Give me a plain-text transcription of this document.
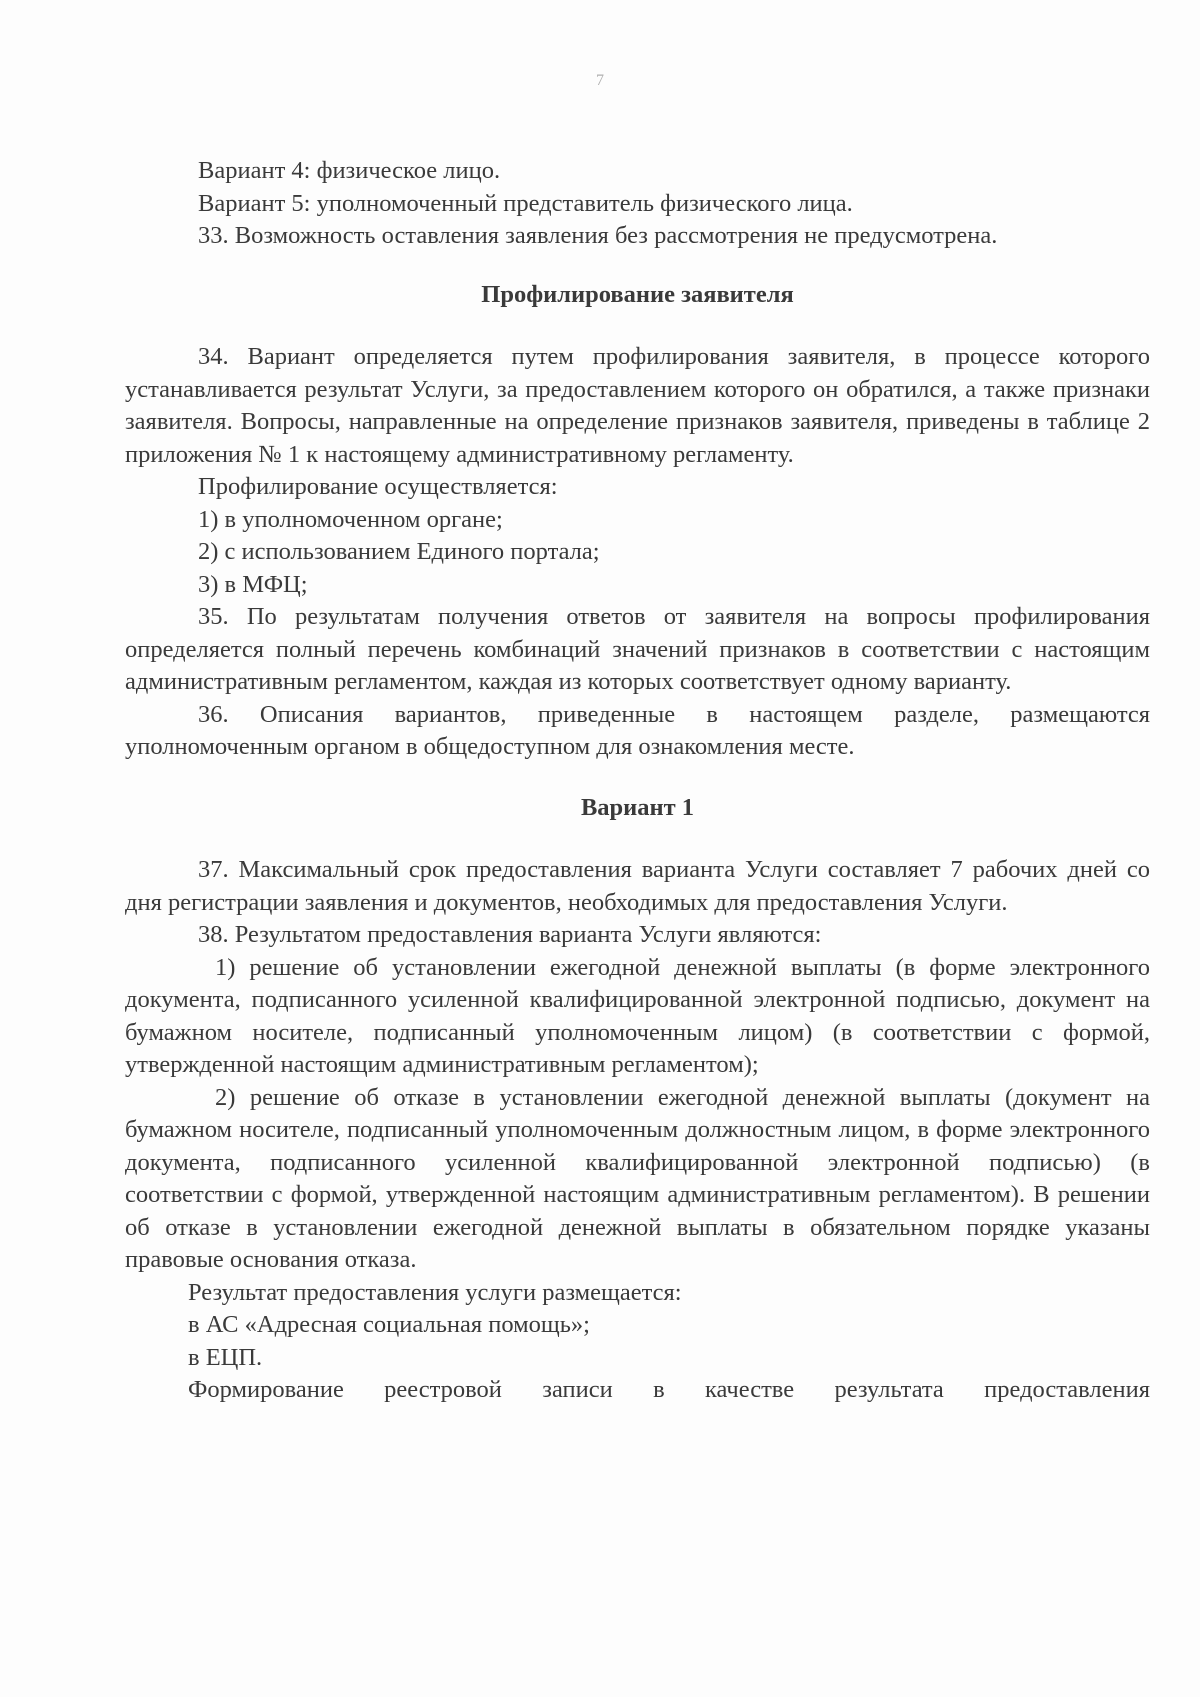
7

Вариант 4: физическое лицо.

Вариант 5: уполномоченный представитель физического лица.

33. Возможность оставления заявления без рассмотрения не предусмотрена.

Профилирование заявителя

34. Вариант определяется путем профилирования заявителя, в процессе которого устанавливается результат Услуги, за предоставлением которого он обратился, а также признаки заявителя. Вопросы, направленные на определение признаков заявителя, приведены в таблице 2 приложения № 1 к настоящему административному регламенту.

Профилирование осуществляется:

1) в уполномоченном органе;

2) с использованием Единого портала;

3) в МФЦ;

35. По результатам получения ответов от заявителя на вопросы профилирования определяется полный перечень комбинаций значений признаков в соответствии с настоящим административным регламентом, каждая из которых соответствует одному варианту.

36. Описания вариантов, приведенные в настоящем разделе, размещаются уполномоченным органом в общедоступном для ознакомления месте.

Вариант 1

37. Максимальный срок предоставления варианта Услуги составляет 7 рабочих дней со дня регистрации заявления и документов, необходимых для предоставления Услуги.

38. Результатом предоставления варианта Услуги являются:

1) решение об установлении ежегодной денежной выплаты (в форме электронного документа, подписанного усиленной квалифицированной электронной подписью, документ на бумажном носителе, подписанный уполномоченным лицом) (в соответствии с формой, утвержденной настоящим административным регламентом);

2) решение об отказе в установлении ежегодной денежной выплаты (документ на бумажном носителе, подписанный уполномоченным должностным лицом, в форме электронного документа, подписанного усиленной квалифицированной электронной подписью) (в соответствии с формой, утвержденной настоящим административным регламентом). В решении об отказе в установлении ежегодной денежной выплаты в обязательном порядке указаны правовые основания отказа.

Результат предоставления услуги размещается:

в АС «Адресная социальная помощь»;

в ЕЦП.

Формирование реестровой записи в качестве результата предоставления
